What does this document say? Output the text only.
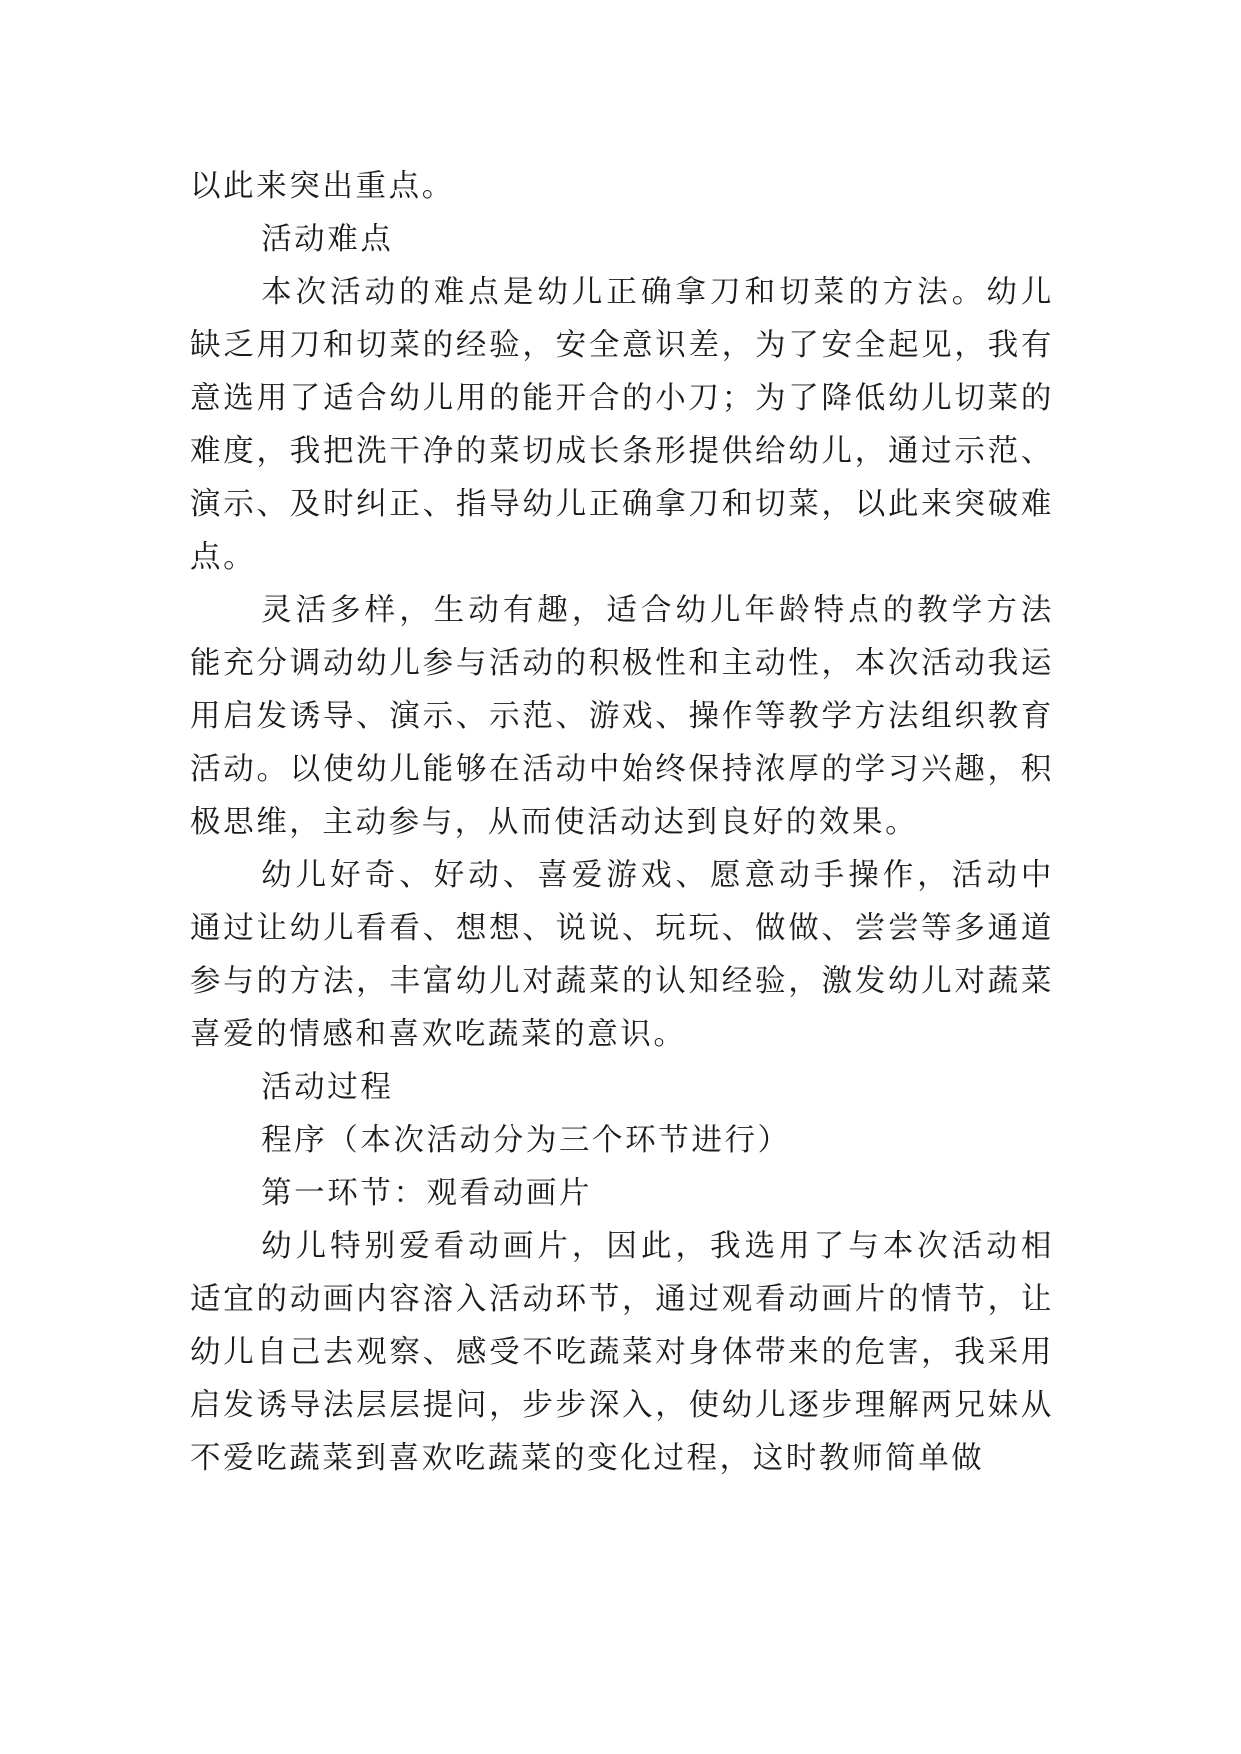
以此来突出重点。

活动难点

本次活动的难点是幼儿正确拿刀和切菜的方法。幼儿缺乏用刀和切菜的经验，安全意识差，为了安全起见，我有意选用了适合幼儿用的能开合的小刀；为了降低幼儿切菜的难度，我把洗干净的菜切成长条形提供给幼儿，通过示范、演示、及时纠正、指导幼儿正确拿刀和切菜，以此来突破难点。

灵活多样，生动有趣，适合幼儿年龄特点的教学方法能充分调动幼儿参与活动的积极性和主动性，本次活动我运用启发诱导、演示、示范、游戏、操作等教学方法组织教育活动。以使幼儿能够在活动中始终保持浓厚的学习兴趣，积极思维，主动参与，从而使活动达到良好的效果。

幼儿好奇、好动、喜爱游戏、愿意动手操作，活动中通过让幼儿看看、想想、说说、玩玩、做做、尝尝等多通道参与的方法，丰富幼儿对蔬菜的认知经验，激发幼儿对蔬菜喜爱的情感和喜欢吃蔬菜的意识。

活动过程

程序（本次活动分为三个环节进行）

第一环节：观看动画片

幼儿特别爱看动画片，因此，我选用了与本次活动相适宜的动画内容溶入活动环节，通过观看动画片的情节，让幼儿自己去观察、感受不吃蔬菜对身体带来的危害，我采用启发诱导法层层提问，步步深入，使幼儿逐步理解两兄妹从不爱吃蔬菜到喜欢吃蔬菜的变化过程，这时教师简单做
